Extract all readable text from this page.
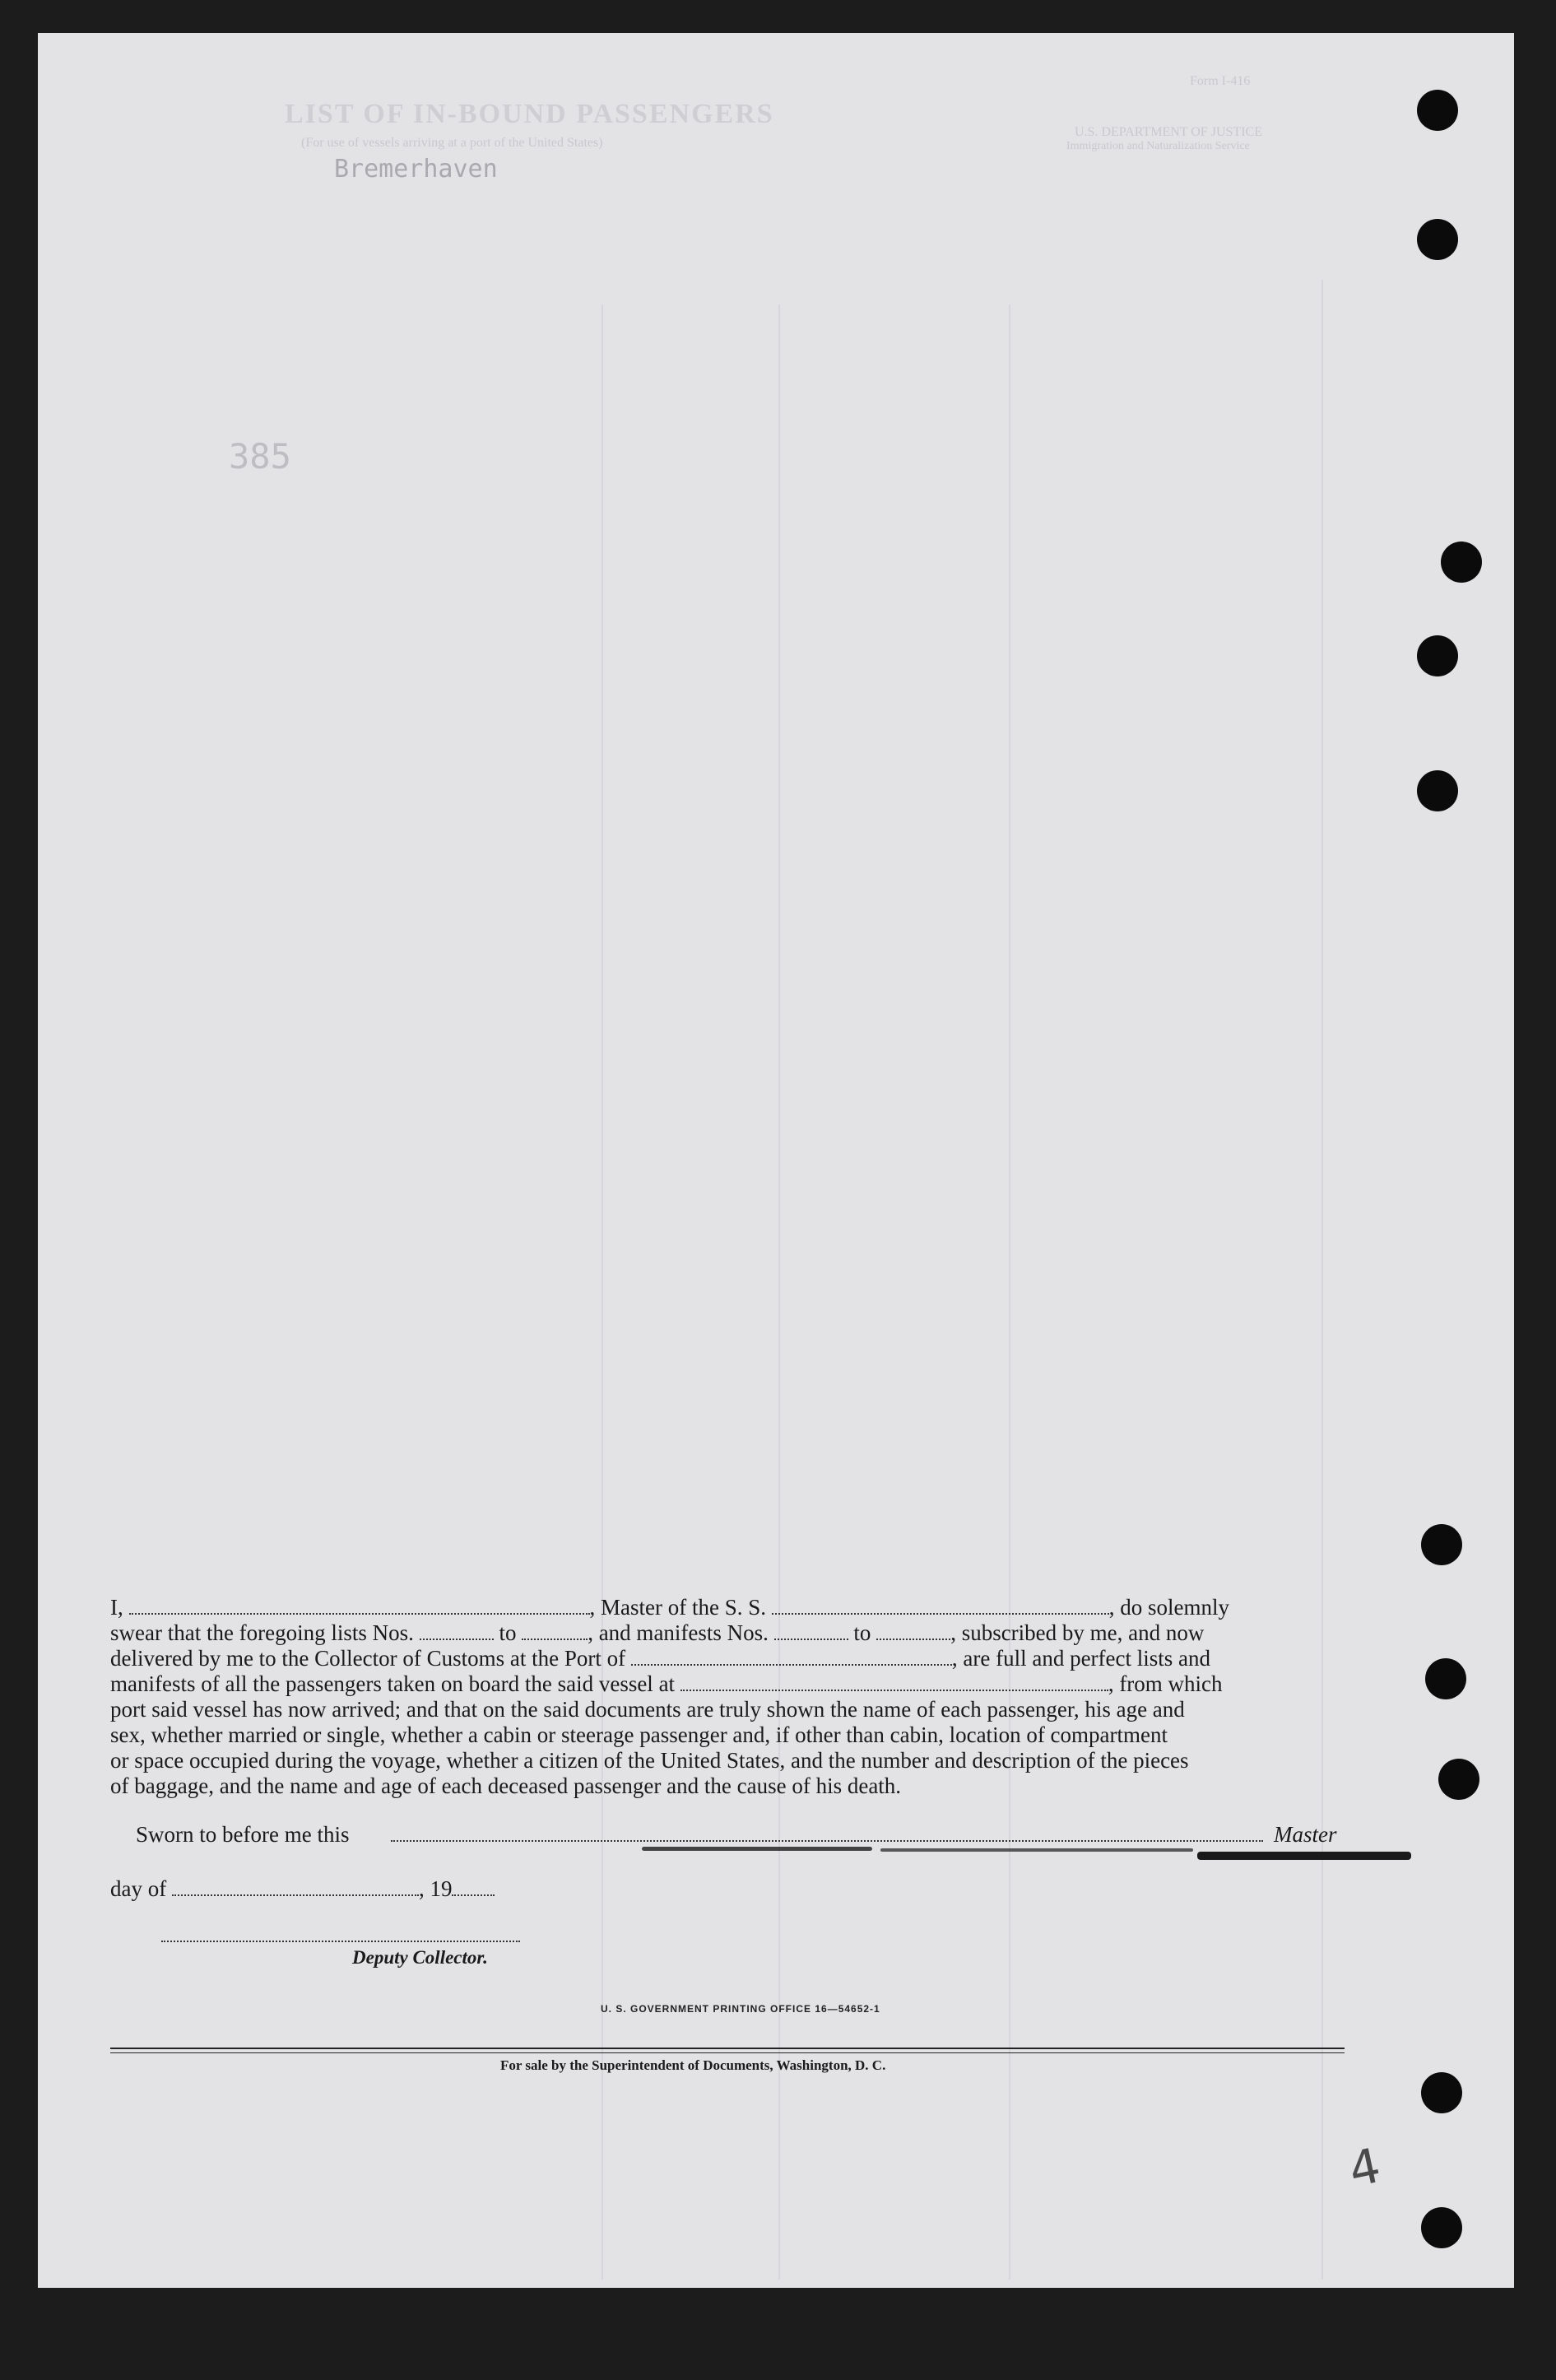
LIST OF IN-BOUND PASSENGERS
(For use of vessels arriving at a port of the United States)
Bremerhaven
Form I-416
U.S. DEPARTMENT OF JUSTICE
Immigration and Naturalization Service
385
I,	, Master of the S. S.	, do solemnly
swear that the foregoing lists Nos.	to	, and manifests Nos.	to	, subscribed by me, and now
delivered by me to the Collector of Customs at the Port of	, are full and perfect lists and
manifests of all the passengers taken on board the said vessel at	, from which
port said vessel has now arrived; and that on the said documents are truly shown the name of each passenger, his age and
sex, whether married or single, whether a cabin or steerage passenger and, if other than cabin, location of compartment
or space occupied during the voyage, whether a citizen of the United States, and the number and description of the pieces
of baggage, and the name and age of each deceased passenger and the cause of his death.
Sworn to before me this	Master
day of	, 19
Deputy Collector.
U. S. GOVERNMENT PRINTING OFFICE 16—54652-1
For sale by the Superintendent of Documents, Washington, D. C.
4
